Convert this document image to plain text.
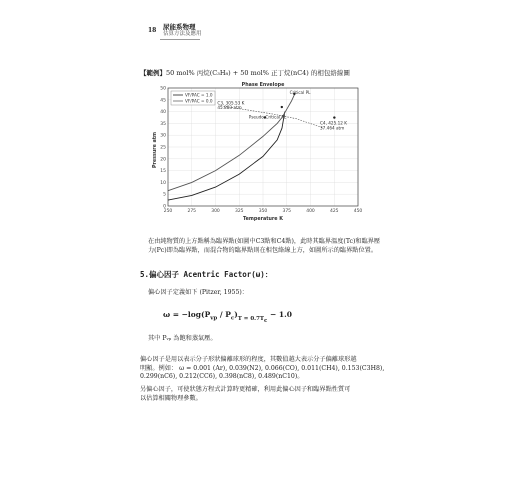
18 尿能系物理
估算方法及應用
【範例】50 mol% 丙烷(C₃H₈) + 50 mol% 正丁烷(nC4) 的相包絡線圖
Phase Envelope
250	275	300	325	350	375	400	425	450
0
5
10
15
20
25
30
35
40
45
50
Temperature K
Pressure atm
Critical PL
C3, 305.53 K
45.883 atm
Pseudo-Critical PL
C4, 425.12 K
37.464 atm
VF/PAC = 1.0
VF/PAC = 0.0
在由純物質的上方點稱為臨界點(如圖中C3點和C4點)，此時其臨界溫度(Tc)和臨界壓
力(Pc)即為臨界點，而混合物的臨界點則在相包絡線上方，如圖所示的臨界點位置。
5.偏心因子 Acentric Factor(ω)：
偏心因子定義如下 (Pitzer, 1955)：
$\omega = -\log(P_{vp} / P_c)_{T = 0.7T_c} - 1.0$
其中 Pᵥₚ 為飽和蒸氣壓。
偏心因子是用以表示分子形狀偏離球形的程度，其數值越大表示分子偏離球形越
明顯。例如： ω = 0.001 (Ar), 0.039(N2), 0.066(CO), 0.011(CH4), 0.153(C3H8),
0.299(nC6), 0.212(CC6), 0.398(nC8), 0.489(nC10)。
另偏心因子，可使狀態方程式計算時更精確，利用此偏心因子和臨界點性質可
以估算相關物理參數。
